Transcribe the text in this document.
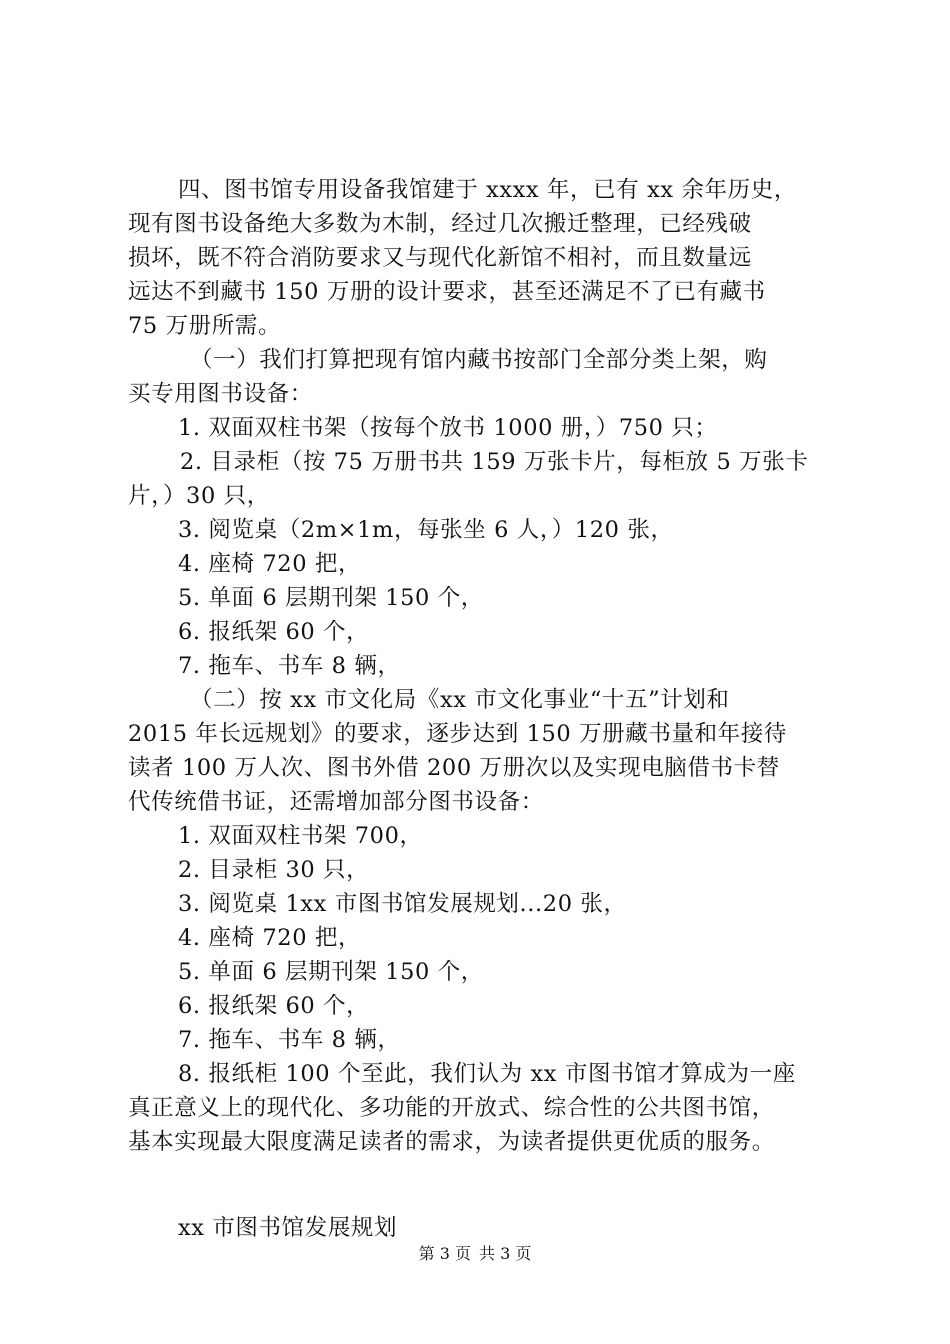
四、图书馆专用设备我馆建于 xxxx 年，已有 xx 余年历史，
现有图书设备绝大多数为木制，经过几次搬迁整理，已经残破
损坏，既不符合消防要求又与现代化新馆不相衬，而且数量远
远达不到藏书 150 万册的设计要求，甚至还满足不了已有藏书
75 万册所需。
（一）我们打算把现有馆内藏书按部门全部分类上架，购
买专用图书设备：
1. 双面双柱书架（按每个放书 1000 册，）750 只；
2. 目录柜（按 75 万册书共 159 万张卡片，每柜放 5 万张卡
片，）30 只，
3. 阅览桌（2m×1m，每张坐 6 人，）120 张，
4. 座椅 720 把，
5. 单面 6 层期刊架 150 个，
6. 报纸架 60 个，
7. 拖车、书车 8 辆，
（二）按 xx 市文化局《xx 市文化事业“十五”计划和
2015 年长远规划》的要求，逐步达到 150 万册藏书量和年接待
读者 100 万人次、图书外借 200 万册次以及实现电脑借书卡替
代传统借书证，还需增加部分图书设备：
1. 双面双柱书架 700，
2. 目录柜 30 只，
3. 阅览桌 1xx 市图书馆发展规划...20 张，
4. 座椅 720 把，
5. 单面 6 层期刊架 150 个，
6. 报纸架 60 个，
7. 拖车、书车 8 辆，
8. 报纸柜 100 个至此，我们认为 xx 市图书馆才算成为一座
真正意义上的现代化、多功能的开放式、综合性的公共图书馆，
基本实现最大限度满足读者的需求，为读者提供更优质的服务。
xx 市图书馆发展规划
第 3 页 共 3 页
